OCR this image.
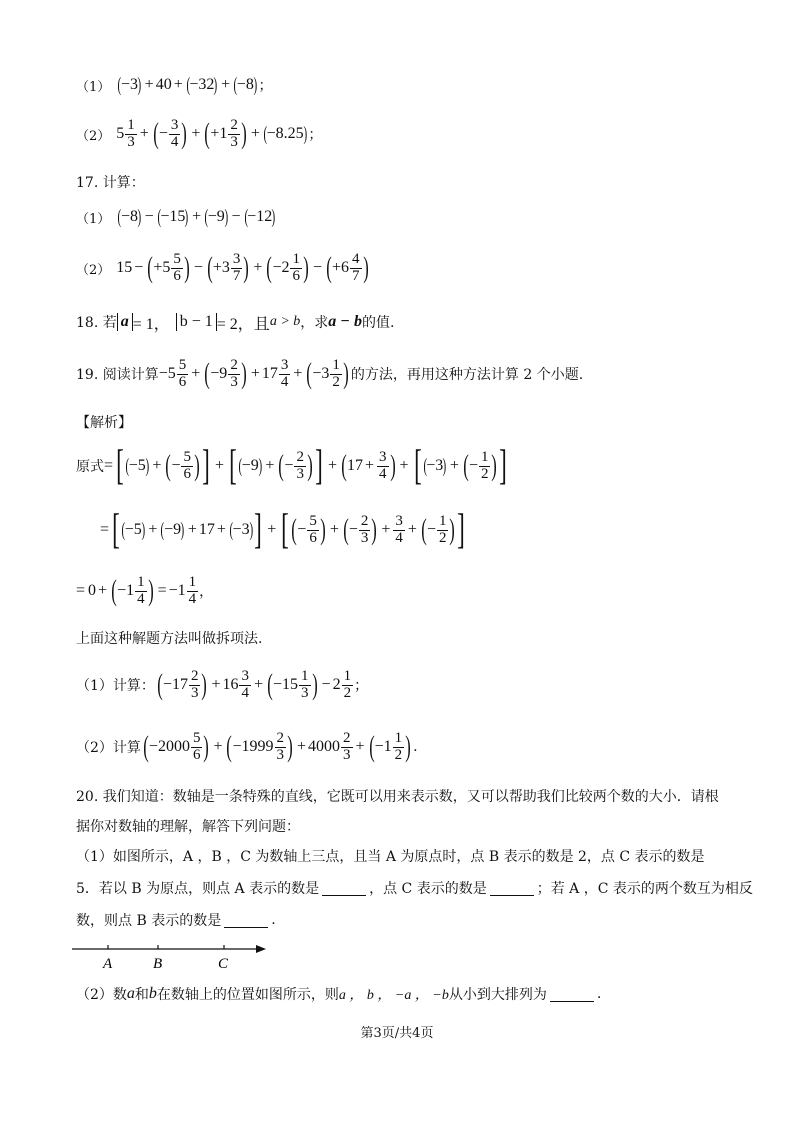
（1） ( −3
) + 40 + ( −32
) + ( −8
) ；
（2） $5 \frac{1}{3}$ + ( − $\frac{3}{4}$
) + ( $+1 \frac{2}{3}$
) + ( −8.25
) ；
17. 计算：
（1） ( −8
) − ( −15
) + ( −9
) − ( −12
)
（2） 15 − ( $+5 \frac{5}{6}$
) − ( $+3 \frac{3}{7}$
) + ( $-2 \frac{1}{6}$
) − ( $+6 \frac{4}{7}$
)
18. 若 a = 1， b − 1 = 2，且 a > b ，求 a − b 的值.
19. 阅读计算 $-5 \frac{5}{6}$ + ( $-9 \frac{2}{3}$
) + $17 \frac{3}{4}$ + ( $-3 \frac{1}{2}$
) 的方法，再用这种方法计算 2 个小题.
【解析】
原式 = ( [ −5
) + ( − $\frac{5}{6}$
)
] + ( [ −9
) + ( − $\frac{2}{3}$
)
] + ( $17 + \frac{3}{4}$
) + ( [ −3
) + ( − $\frac{1}{2}$
)
]
= ( [ −5
) + ( −9
) + 17 + ( −3
)
] + ( [ − $\frac{5}{6}$
) + ( − $\frac{2}{3}$
) + $\frac{3}{4}$ + ( − $\frac{1}{2}$
)
]
= 0 + ( $-1 \frac{1}{4}$
) = $-1 \frac{1}{4}$ ，
上面这种解题方法叫做拆项法.
（1）计算： ( $-17 \frac{2}{3}$
) + $16 \frac{3}{4}$ + ( $-15 \frac{1}{3}$
) − $2 \frac{1}{2}$ ；
（2）计算 ( $-2000 \frac{5}{6}$
) + ( $-1999 \frac{2}{3}$
) + $4000 \frac{2}{3}$ + ( $-1 \frac{1}{2}$
) .
20. 我们知道：数轴是一条特殊的直线，它既可以用来表示数，又可以帮助我们比较两个数的大小．请根
据你对数轴的理解，解答下列问题：
（1）如图所示，A ，B ，C 为数轴上三点，且当 A 为原点时，点 B 表示的数是 2，点 C 表示的数是
5．若以 B 为原点，则点 A 表示的数是	，点 C 表示的数是	；若 A ，C 表示的两个数互为相反
数，则点 B 表示的数是	.
A	B	C
（2）数 a 和 b 在数轴上的位置如图所示，则 a ， b ， −a ， −b 从小到大排列为	.
第3页/共4页
